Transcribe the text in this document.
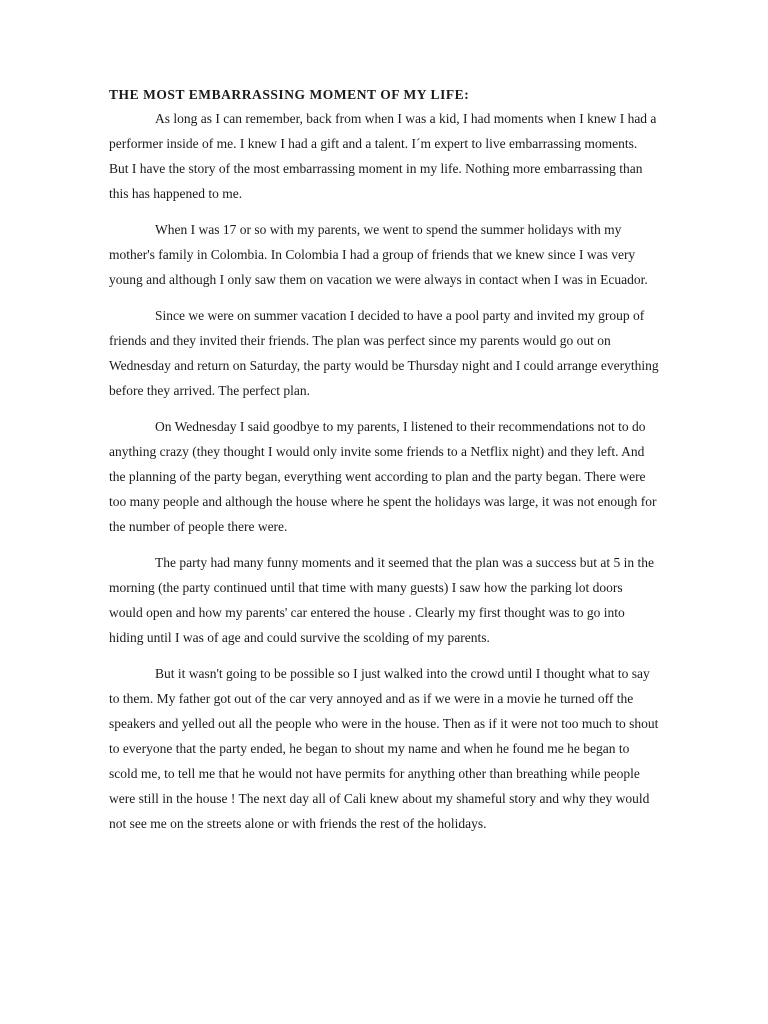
THE MOST EMBARRASSING MOMENT OF MY LIFE:

As long as I can remember, back from when I was a kid, I had moments when I knew I had a performer inside of me. I knew I had a gift and a talent. I´m expert to live embarrassing moments. But I have the story of the most embarrassing moment in my life. Nothing more embarrassing than this has happened to me.

When I was 17 or so with my parents, we went to spend the summer holidays with my mother's family in Colombia. In Colombia I had a group of friends that we knew since I was very young and although I only saw them on vacation we were always in contact when I was in Ecuador.

Since we were on summer vacation I decided to have a pool party and invited my group of friends and they invited their friends. The plan was perfect since my parents would go out on Wednesday and return on Saturday, the party would be Thursday night and I could arrange everything before they arrived. The perfect plan.

On Wednesday I said goodbye to my parents, I listened to their recommendations not to do anything crazy (they thought I would only invite some friends to a Netflix night) and they left. And the planning of the party began, everything went according to plan and the party began. There were too many people and although the house where he spent the holidays was large, it was not enough for the number of people there were.

The party had many funny moments and it seemed that the plan was a success but at 5 in the morning (the party continued until that time with many guests) I saw how the parking lot doors would open and how my parents' car entered the house . Clearly my first thought was to go into hiding until I was of age and could survive the scolding of my parents.

But it wasn't going to be possible so I just walked into the crowd until I thought what to say to them. My father got out of the car very annoyed and as if we were in a movie he turned off the speakers and yelled out all the people who were in the house. Then as if it were not too much to shout to everyone that the party ended, he began to shout my name and when he found me he began to scold me, to tell me that he would not have permits for anything other than breathing while people were still in the house ! The next day all of Cali knew about my shameful story and why they would not see me on the streets alone or with friends the rest of the holidays.
